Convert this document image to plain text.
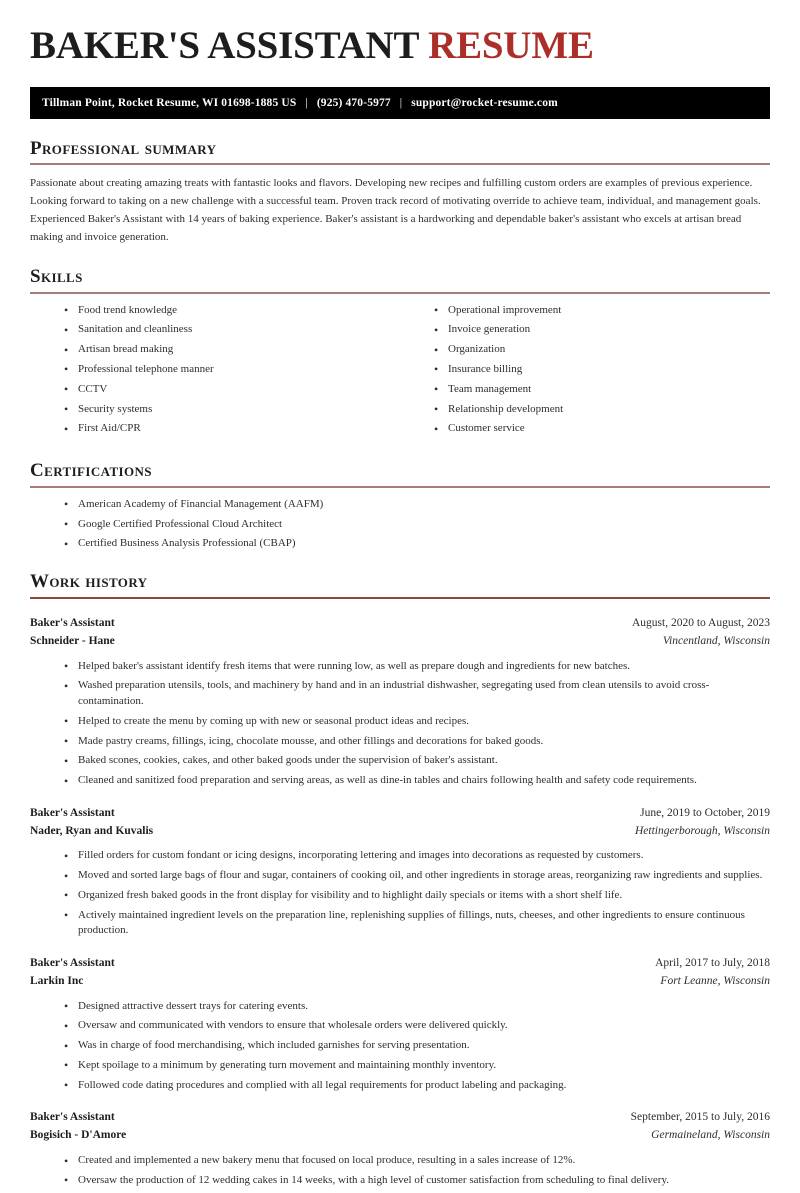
BAKER'S ASSISTANT RESUME
Tillman Point, Rocket Resume, WI 01698-1885 US | (925) 470-5977 | support@rocket-resume.com
Professional summary

Passionate about creating amazing treats with fantastic looks and flavors. Developing new recipes and fulfilling custom orders are examples of previous experience. Looking forward to taking on a new challenge with a successful team. Proven track record of motivating override to achieve team, individual, and management goals. Experienced Baker's Assistant with 14 years of baking experience. Baker's assistant is a hardworking and dependable baker's assistant who excels at artisan bread making and invoice generation.

Skills
• Food trend knowledge
• Sanitation and cleanliness
• Artisan bread making
• Professional telephone manner
• CCTV
• Security systems
• First Aid/CPR
• Operational improvement
• Invoice generation
• Organization
• Insurance billing
• Team management
• Relationship development
• Customer service
Certifications
• American Academy of Financial Management (AAFM)
• Google Certified Professional Cloud Architect
• Certified Business Analysis Professional (CBAP)
Work history
Baker's Assistant	August, 2020 to August, 2023
Schneider - Hane	Vincentland, Wisconsin
• Helped baker's assistant identify fresh items that were running low, as well as prepare dough and ingredients for new batches.
• Washed preparation utensils, tools, and machinery by hand and in an industrial dishwasher, segregating used from clean utensils to avoid cross-contamination.
• Helped to create the menu by coming up with new or seasonal product ideas and recipes.
• Made pastry creams, fillings, icing, chocolate mousse, and other fillings and decorations for baked goods.
• Baked scones, cookies, cakes, and other baked goods under the supervision of baker's assistant.
• Cleaned and sanitized food preparation and serving areas, as well as dine-in tables and chairs following health and safety code requirements.
Baker's Assistant	June, 2019 to October, 2019
Nader, Ryan and Kuvalis	Hettingerborough, Wisconsin
• Filled orders for custom fondant or icing designs, incorporating lettering and images into decorations as requested by customers.
• Moved and sorted large bags of flour and sugar, containers of cooking oil, and other ingredients in storage areas, reorganizing raw ingredients and supplies.
• Organized fresh baked goods in the front display for visibility and to highlight daily specials or items with a short shelf life.
• Actively maintained ingredient levels on the preparation line, replenishing supplies of fillings, nuts, cheeses, and other ingredients to ensure continuous production.
Baker's Assistant	April, 2017 to July, 2018
Larkin Inc	Fort Leanne, Wisconsin
• Designed attractive dessert trays for catering events.
• Oversaw and communicated with vendors to ensure that wholesale orders were delivered quickly.
• Was in charge of food merchandising, which included garnishes for serving presentation.
• Kept spoilage to a minimum by generating turn movement and maintaining monthly inventory.
• Followed code dating procedures and complied with all legal requirements for product labeling and packaging.
Baker's Assistant	September, 2015 to July, 2016
Bogisich - D'Amore	Germaineland, Wisconsin
• Created and implemented a new bakery menu that focused on local produce, resulting in a sales increase of 12%.
• Oversaw the production of 12 wedding cakes in 14 weeks, with a high level of customer satisfaction from scheduling to final delivery.
